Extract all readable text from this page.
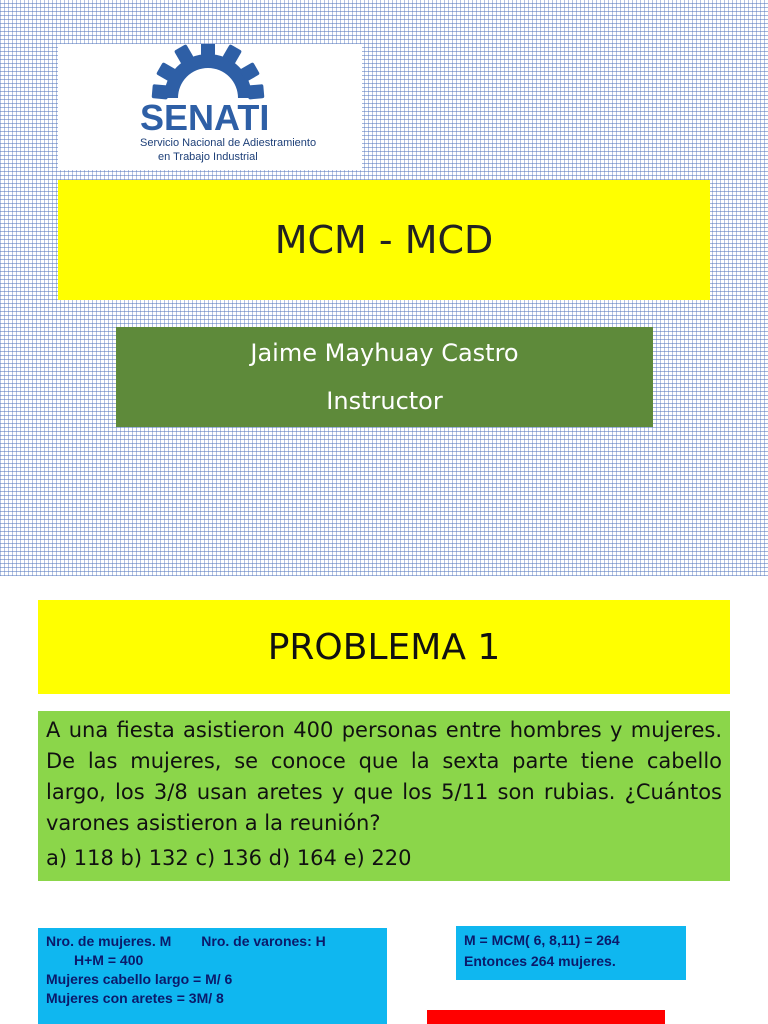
SENATI
Servicio Nacional de Adiestramiento
en Trabajo Industrial
MCM - MCD
Jaime Mayhuay Castro
Instructor
PROBLEMA 1

A una fiesta asistieron 400 personas entre hombres y mujeres. De las mujeres, se conoce que la sexta parte tiene cabello largo, los 3/8 usan aretes y que los 5/11 son rubias. ¿Cuántos varones asistieron a la reunión?

a) 118 b) 132 c) 136 d) 164 e) 220

Nro. de mujeres. M Nro. de varones: H
H+M = 400
Mujeres cabello largo = M/ 6
Mujeres con aretes = 3M/ 8
M = MCM( 6, 8,11) = 264
Entonces 264 mujeres.
